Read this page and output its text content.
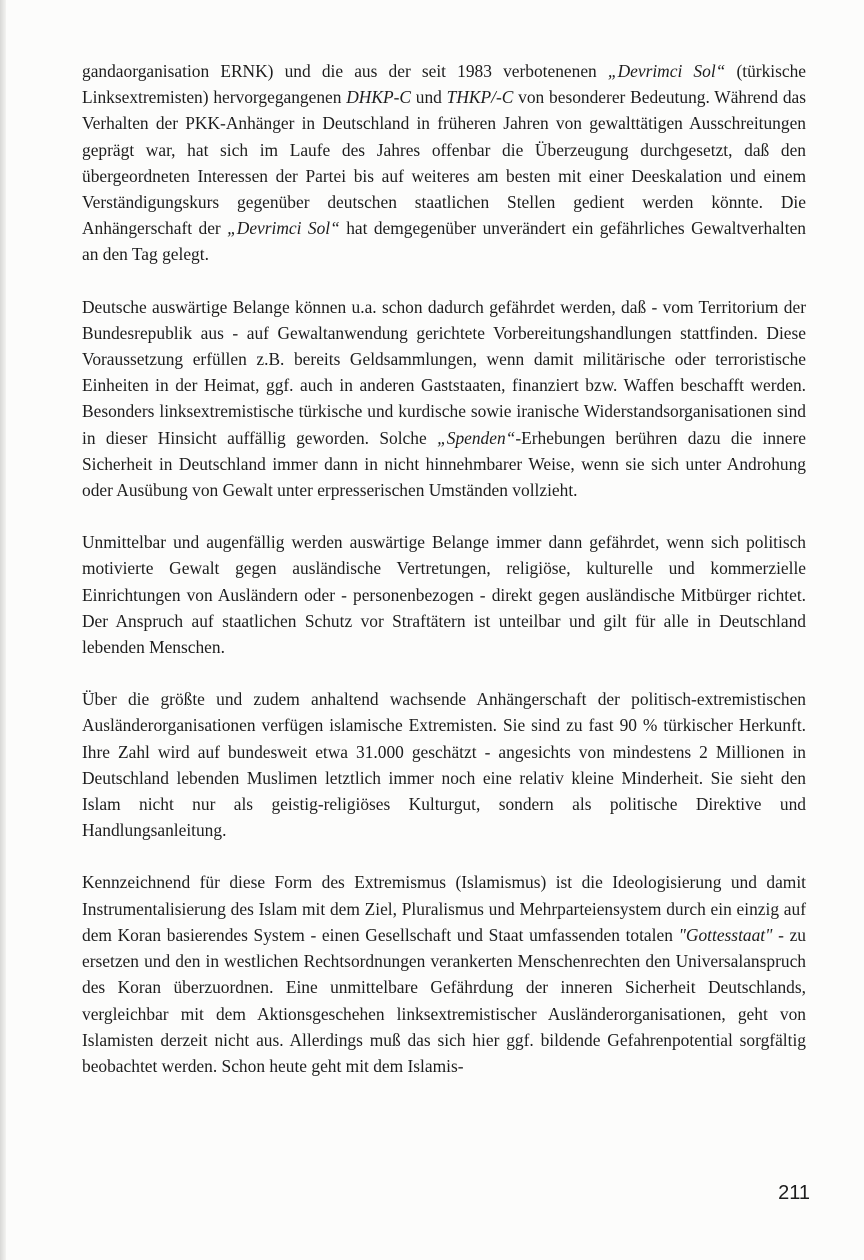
gandaorganisation ERNK) und die aus der seit 1983 verbotenenen „Devrimci Sol“ (türkische Linksextremisten) hervorgegangenen DHKP-C und THKP/-C von besonderer Bedeutung. Während das Verhalten der PKK-Anhänger in Deutschland in früheren Jahren von gewalttätigen Ausschreitungen geprägt war, hat sich im Laufe des Jahres offenbar die Überzeugung durchgesetzt, daß den übergeordneten Interessen der Partei bis auf weiteres am besten mit einer Deeskalation und einem Verständigungskurs gegenüber deutschen staatlichen Stellen gedient werden könnte. Die Anhängerschaft der „Devrimci Sol“ hat demgegenüber unverändert ein gefährliches Gewaltverhalten an den Tag gelegt.

Deutsche auswärtige Belange können u.a. schon dadurch gefährdet werden, daß - vom Territorium der Bundesrepublik aus - auf Gewaltanwendung gerichtete Vorbereitungshandlungen stattfinden. Diese Voraussetzung erfüllen z.B. bereits Geldsammlungen, wenn damit militärische oder terroristische Einheiten in der Heimat, ggf. auch in anderen Gaststaaten, finanziert bzw. Waffen beschafft werden. Besonders linksextremistische türkische und kurdische sowie iranische Widerstandsorganisationen sind in dieser Hinsicht auffällig geworden. Solche „Spenden“-Erhebungen berühren dazu die innere Sicherheit in Deutschland immer dann in nicht hinnehmbarer Weise, wenn sie sich unter Androhung oder Ausübung von Gewalt unter erpresserischen Umständen vollzieht.

Unmittelbar und augenfällig werden auswärtige Belange immer dann gefährdet, wenn sich politisch motivierte Gewalt gegen ausländische Vertretungen, religiöse, kulturelle und kommerzielle Einrichtungen von Ausländern oder - personenbezogen - direkt gegen ausländische Mitbürger richtet. Der Anspruch auf staatlichen Schutz vor Straftätern ist unteilbar und gilt für alle in Deutschland lebenden Menschen.

Über die größte und zudem anhaltend wachsende Anhängerschaft der politisch-extremistischen Ausländerorganisationen verfügen islamische Extremisten. Sie sind zu fast 90 % türkischer Herkunft. Ihre Zahl wird auf bundesweit etwa 31.000 geschätzt - angesichts von mindestens 2 Millionen in Deutschland lebenden Muslimen letztlich immer noch eine relativ kleine Minderheit. Sie sieht den Islam nicht nur als geistig-religiöses Kulturgut, sondern als politische Direktive und Handlungsanleitung.

Kennzeichnend für diese Form des Extremismus (Islamismus) ist die Ideologisierung und damit Instrumentalisierung des Islam mit dem Ziel, Pluralismus und Mehrparteiensystem durch ein einzig auf dem Koran basierendes System - einen Gesellschaft und Staat umfassenden totalen "Gottesstaat" - zu ersetzen und den in westlichen Rechtsordnungen verankerten Menschenrechten den Universalanspruch des Koran überzuordnen. Eine unmittelbare Gefährdung der inneren Sicherheit Deutschlands, vergleichbar mit dem Aktionsgeschehen linksextremistischer Ausländerorganisationen, geht von Islamisten derzeit nicht aus. Allerdings muß das sich hier ggf. bildende Gefahrenpotential sorgfältig beobachtet werden. Schon heute geht mit dem Islamis-

211
